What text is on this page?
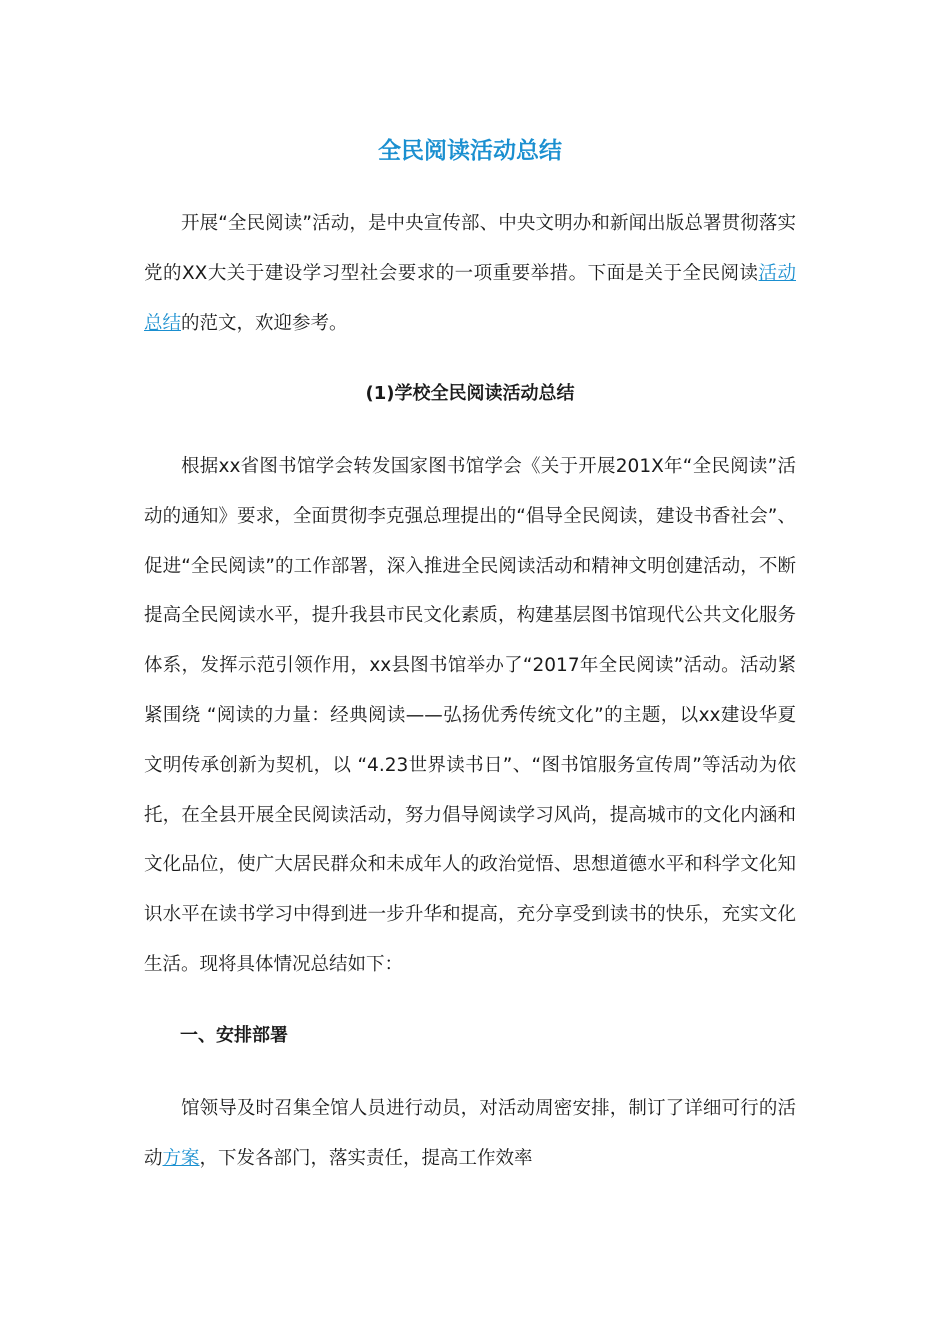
全民阅读活动总结

开展“全民阅读”活动，是中央宣传部、中央文明办和新闻出版总署贯彻落实党的XX大关于建设学习型社会要求的一项重要举措。下面是关于全民阅读活动总结的范文，欢迎参考。

(1)学校全民阅读活动总结

根据xx省图书馆学会转发国家图书馆学会《关于开展201X年“全民阅读”活动的通知》要求，全面贯彻李克强总理提出的“倡导全民阅读，建设书香社会”、促进“全民阅读”的工作部署，深入推进全民阅读活动和精神文明创建活动，不断提高全民阅读水平，提升我县市民文化素质，构建基层图书馆现代公共文化服务体系，发挥示范引领作用，xx县图书馆举办了“2017年全民阅读”活动。活动紧紧围绕 “阅读的力量：经典阅读——弘扬优秀传统文化”的主题，以xx建设华夏文明传承创新为契机，以 “4.23世界读书日”、“图书馆服务宣传周”等活动为依托，在全县开展全民阅读活动，努力倡导阅读学习风尚，提高城市的文化内涵和文化品位，使广大居民群众和未成年人的政治觉悟、思想道德水平和科学文化知识水平在读书学习中得到进一步升华和提高，充分享受到读书的快乐，充实文化生活。现将具体情况总结如下：

一、安排部署

馆领导及时召集全馆人员进行动员，对活动周密安排，制订了详细可行的活动方案，下发各部门，落实责任，提高工作效率
